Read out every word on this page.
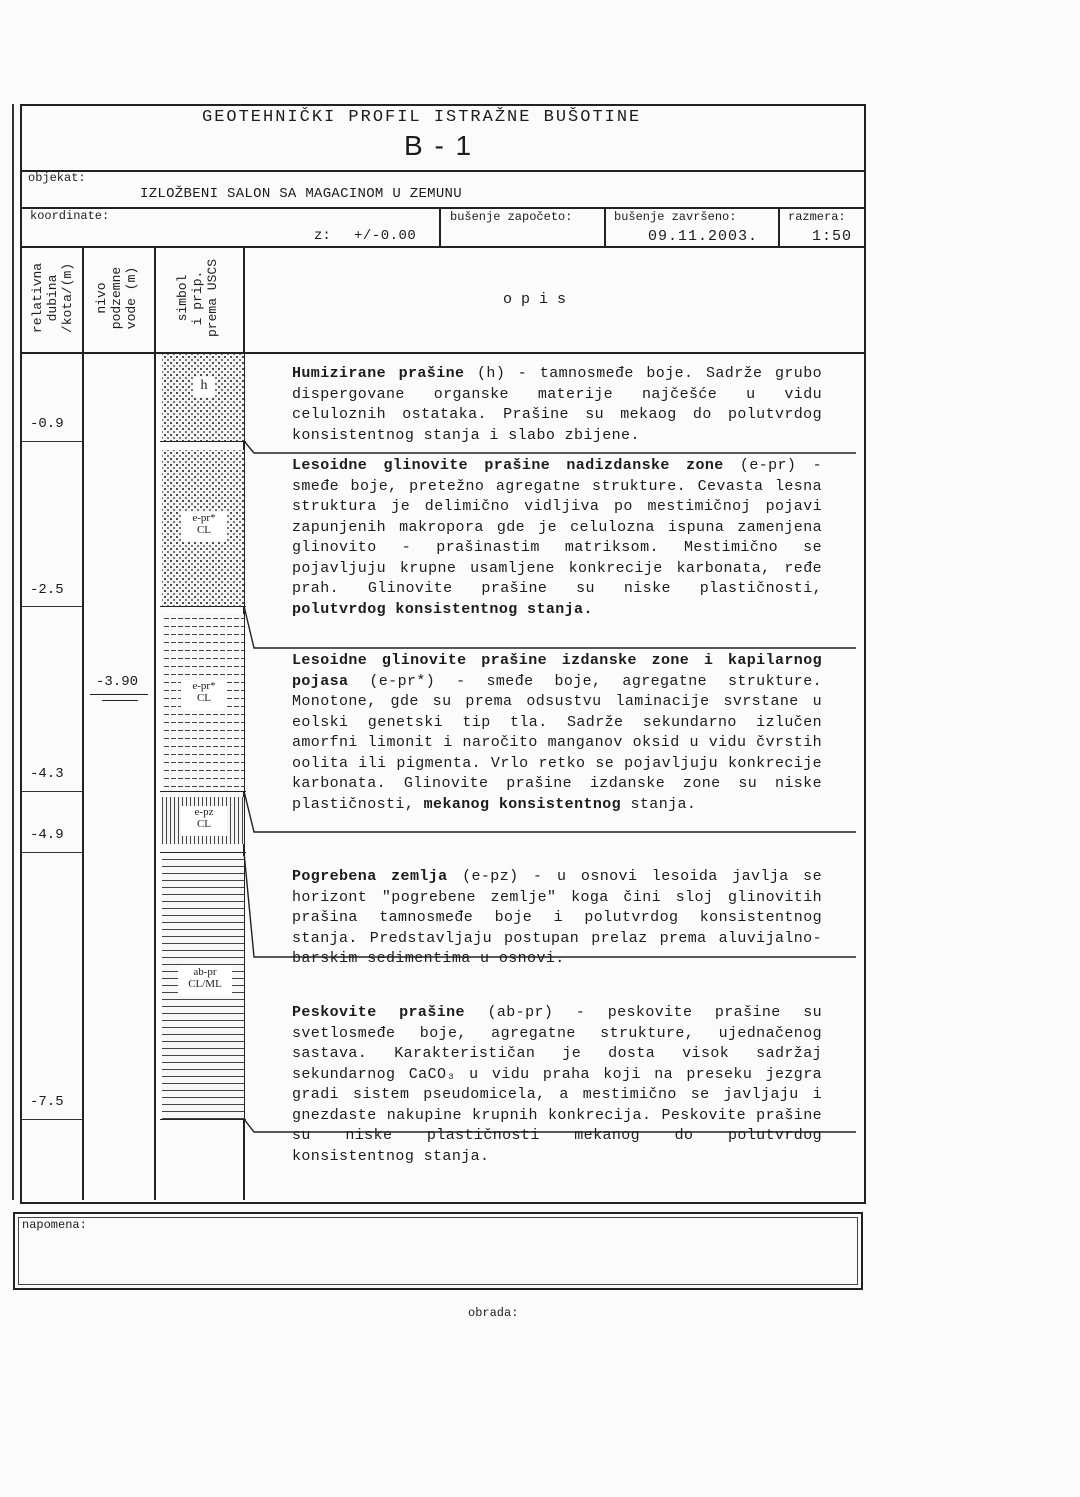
GEOTEHNIČKI PROFIL ISTRAŽNE BUŠOTINE
B - 1
objekat:
IZLOŽBENI SALON SA MAGACINOM U ZEMUNU
koordinate:
z: +/-0.00
bušenje započeto:	bušenje završeno:
09.11.2003.
razmera:
1:50
relativna
dubina
/kota/(m) nivo
podzemne
vode (m)	simbol
i prip.
prema USCS
o p i s
-0.9
-2.5
-4.3
-4.9
-7.5
-3.90
h
e-pr*
CL
e-pr*
CL
e-pz
CL
ab-pr
CL/ML
Humizirane prašine (h) - tamnosmeđe boje. Sadrže grubo dispergovane organske materije najčešće u vidu celuloznih ostataka. Prašine su mekaog do polutvrdog konsistentnog stanja i slabo zbijene.
Lesoidne glinovite prašine nadizdanske zone (e-pr) - smeđe boje, pretežno agregatne strukture. Cevasta lesna struktura je delimično vidljiva po mestimičnoj pojavi zapunjenih makropora gde je celulozna ispuna zamenjena glinovito - prašinastim matriksom. Mestimično se pojavljuju krupne usamljene konkrecije karbonata, ređe prah. Glinovite prašine su niske plastičnosti, polutvrdog konsistentnog stanja.
Lesoidne glinovite prašine izdanske zone i kapilarnog pojasa (e-pr*) - smeđe boje, agregatne strukture. Monotone, gde su prema odsustvu laminacije svrstane u eolski genetski tip tla. Sadrže sekundarno izlučen amorfni limonit i naročito manganov oksid u vidu čvrstih oolita ili pigmenta. Vrlo retko se pojavljuju konkrecije karbonata. Glinovite prašine izdanske zone su niske plastičnosti, mekanog konsistentnog stanja.
Pogrebena zemlja (e-pz) - u osnovi lesoida javlja se horizont "pogrebene zemlje" koga čini sloj glinovitih prašina tamnosmeđe boje i polutvrdog konsistentnog stanja. Predstavljaju postupan prelaz prema aluvijalno-barskim sedimentima u osnovi.
Peskovite prašine (ab-pr) - peskovite prašine su svetlosmeđe boje, agregatne strukture, ujednačenog sastava. Karakterističan je dosta visok sadržaj sekundarnog CaCO₃ u vidu praha koji na preseku jezgra gradi sistem pseudomicela, a mestimično se javljaju i gnezdaste nakupine krupnih konkrecija. Peskovite prašine su niske plastičnosti mekanog do polutvrdog konsistentnog stanja.
napomena:
obrada:
